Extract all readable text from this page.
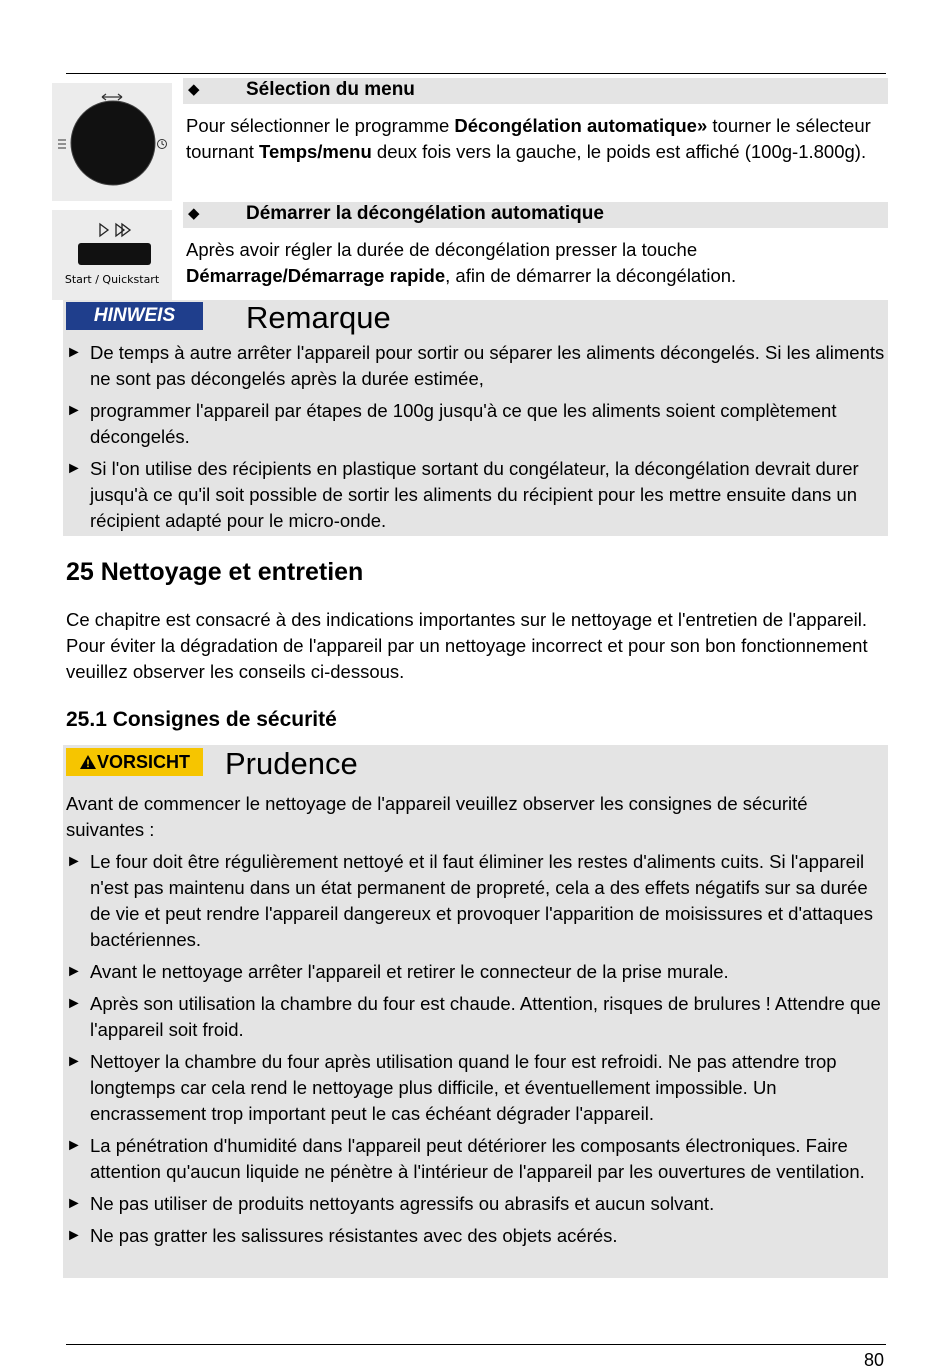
Start / Quickstart
◆ Sélection du menu

Pour sélectionner le programme Décongélation automatique» tourner le sélecteur tournant Temps/menu deux fois vers la gauche, le poids est affiché (100g-1.800g).

◆ Démarrer la décongélation automatique

Après avoir régler la durée de décongélation presser la touche Démarrage/Démarrage rapide, afin de démarrer la décongélation.

HINWEIS	Remarque
► De temps à autre arrêter l'appareil pour sortir ou séparer les aliments décongelés. Si les aliments ne sont pas décongelés après la durée estimée,
► programmer l'appareil par étapes de 100g jusqu'à ce que les aliments soient complètement décongelés.
► Si l'on utilise des récipients en plastique sortant du congélateur, la décongélation devrait durer jusqu'à ce qu'il soit possible de sortir les aliments du récipient pour les mettre ensuite dans un récipient adapté pour le micro-onde.
25 Nettoyage et entretien

Ce chapitre est consacré à des indications importantes sur le nettoyage et l'entretien de l'appareil. Pour éviter la dégradation de l'appareil par un nettoyage incorrect et pour son bon fonctionnement veuillez observer les conseils ci-dessous.

25.1 Consignes de sécurité
VORSICHT	Prudence

Avant de commencer le nettoyage de l'appareil veuillez observer les consignes de sécurité suivantes :

► Le four doit être régulièrement nettoyé et il faut éliminer les restes d'aliments cuits. Si l'appareil n'est pas maintenu dans un état permanent de propreté, cela a des effets négatifs sur sa durée de vie et peut rendre l'appareil dangereux et provoquer l'apparition de moisissures et d'attaques bactériennes.
► Avant le nettoyage arrêter l'appareil et retirer le connecteur de la prise murale.
► Après son utilisation la chambre du four est chaude. Attention, risques de brulures ! Attendre que l'appareil soit froid.
► Nettoyer la chambre du four après utilisation quand le four est refroidi. Ne pas attendre trop longtemps car cela rend le nettoyage plus difficile, et éventuellement impossible. Un encrassement trop important peut le cas échéant dégrader l'appareil.
► La pénétration d'humidité dans l'appareil peut détériorer les composants électroniques. Faire attention qu'aucun liquide ne pénètre à l'intérieur de l'appareil par les ouvertures de ventilation.
► Ne pas utiliser de produits nettoyants agressifs ou abrasifs et aucun solvant.
► Ne pas gratter les salissures résistantes avec des objets acérés.
80
